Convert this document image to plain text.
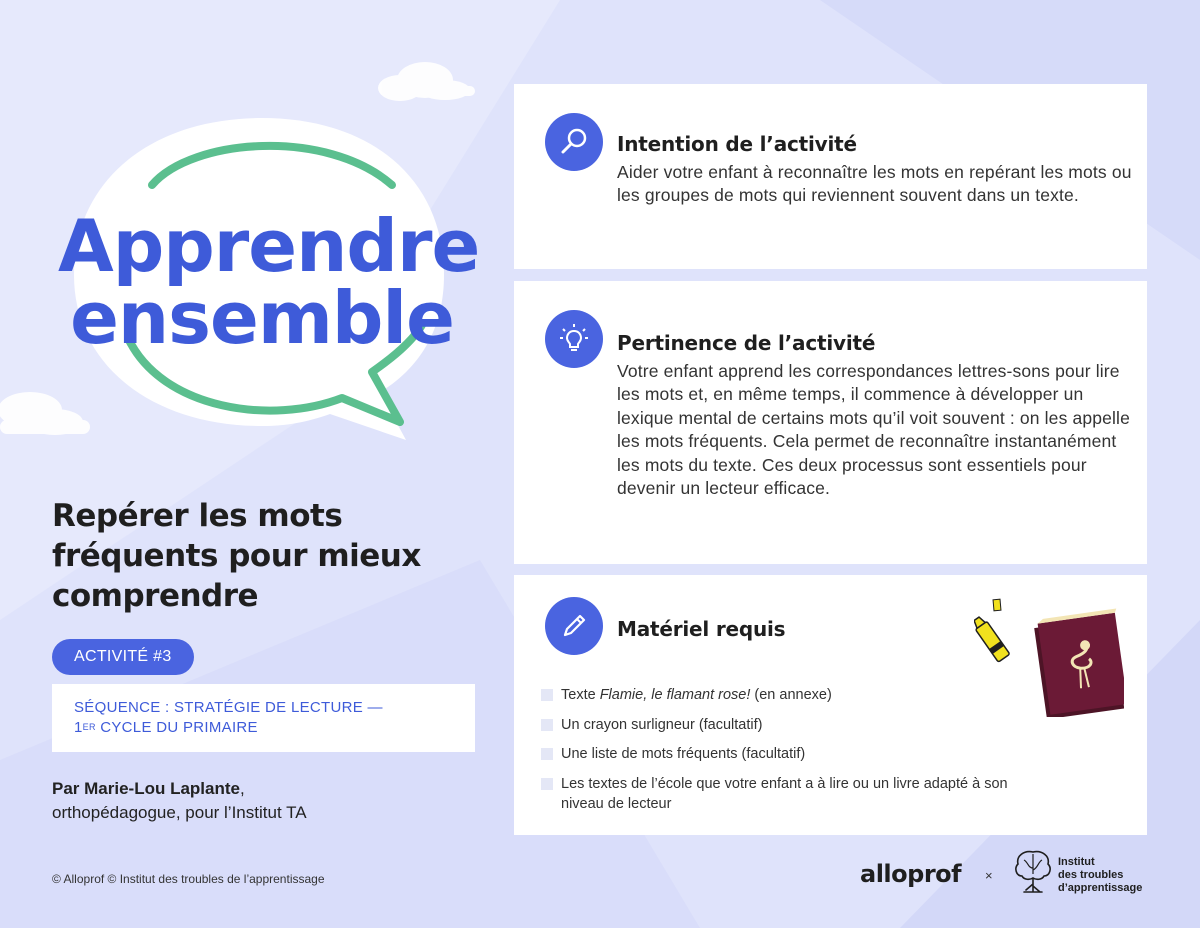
Apprendre
ensemble
Repérer les mots fréquents pour mieux comprendre
ACTIVITÉ #3
SÉQUENCE : STRATÉGIE DE LECTURE —
1ER CYCLE DU PRIMAIRE
Par Marie-Lou Laplante,
orthopédagogue, pour l’Institut TA
© Alloprof © Institut des troubles de l’apprentissage
Intention de l’activité

Aider votre enfant à reconnaître les mots en repérant les mots ou les groupes de mots qui reviennent souvent dans un texte.

Pertinence de l’activité

Votre enfant apprend les correspondances lettres-sons pour lire les mots et, en même temps, il commence à développer un lexique mental de certains mots qu’il voit souvent : on les appelle les mots fréquents. Cela permet de reconnaître instantanément les mots du texte. Ces deux processus sont essentiels pour devenir un lecteur efficace.

Matériel requis
Texte Flamie, le flamant rose! (en annexe)
Un crayon surligneur (facultatif)
Une liste de mots fréquents (facultatif)
Les textes de l’école que votre enfant a à lire ou un livre adapté à son niveau de lecteur
alloprof ×
Institut
des troubles
d’apprentissage
